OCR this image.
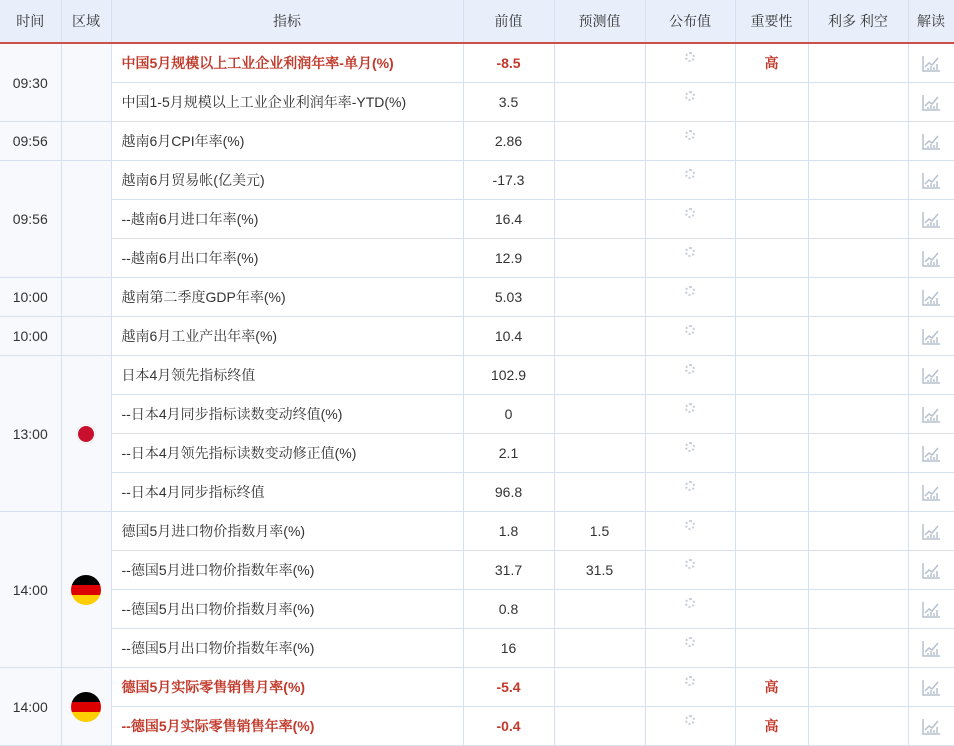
时间	区域	指标	前值	预测值	公布值	重要性	利多 利空	解读
09:30		中国5月规模以上工业企业利润年率-单月(%)	-8.5			高		
		中国1-5月规模以上工业企业利润年率-YTD(%)	3.5					
09:56		越南6月CPI年率(%)	2.86					
09:56		越南6月贸易帐(亿美元)	-17.3					
		--越南6月进口年率(%)	16.4					
		--越南6月出口年率(%)	12.9					
10:00		越南第二季度GDP年率(%)	5.03					
10:00		越南6月工业产出年率(%)	10.4					
13:00		日本4月领先指标终值	102.9					
		--日本4月同步指标读数变动终值(%)	0					
		--日本4月领先指标读数变动修正值(%)	2.1					
		--日本4月同步指标终值	96.8					
14:00		德国5月进口物价指数月率(%)	1.8	1.5				
		--德国5月进口物价指数年率(%)	31.7	31.5				
		--德国5月出口物价指数月率(%)	0.8					
		--德国5月出口物价指数年率(%)	16					
14:00		德国5月实际零售销售月率(%)	-5.4			高		
		--德国5月实际零售销售年率(%)	-0.4			高		
